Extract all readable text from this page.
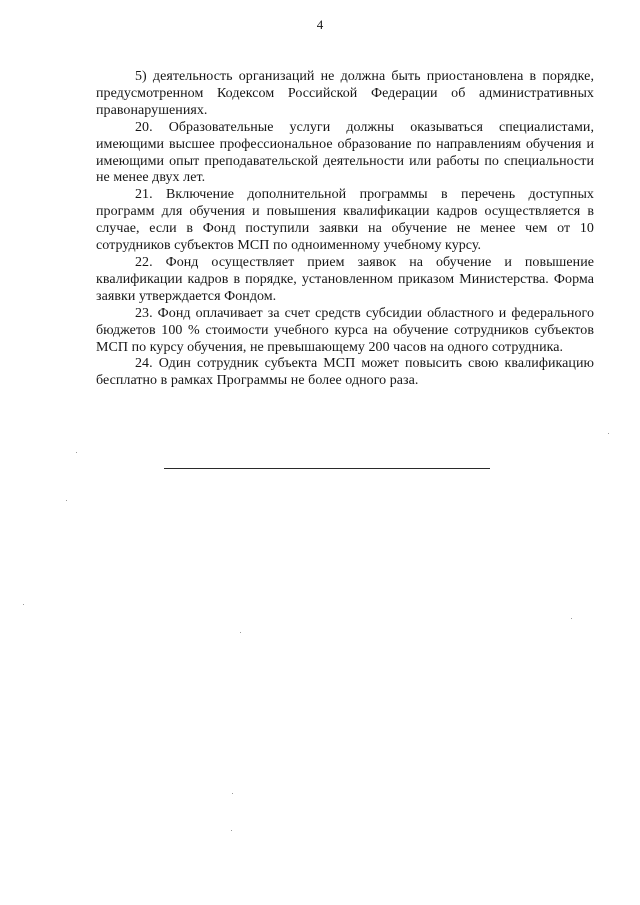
4

5) деятельность организаций не должна быть приостановлена в порядке, предусмотренном Кодексом Российской Федерации об административных правонарушениях.

20. Образовательные услуги должны оказываться специалистами, имеющими высшее профессиональное образование по направлениям обучения и имеющими опыт преподавательской деятельности или работы по специальности не менее двух лет.

21. Включение дополнительной программы в перечень доступных программ для обучения и повышения квалификации кадров осуществляется в случае, если в Фонд поступили заявки на обучение не менее чем от 10 сотрудников субъектов МСП по одноименному учебному курсу.

22. Фонд осуществляет прием заявок на обучение и повышение квалификации кадров в порядке, установленном приказом Министерства. Форма заявки утверждается Фондом.

23. Фонд оплачивает за счет средств субсидии областного и федерального бюджетов 100 % стоимости учебного курса на обучение сотрудников субъектов МСП по курсу обучения, не превышающему 200 часов на одного сотрудника.

24. Один сотрудник субъекта МСП может повысить свою квалификацию бесплатно в рамках Программы не более одного раза.
